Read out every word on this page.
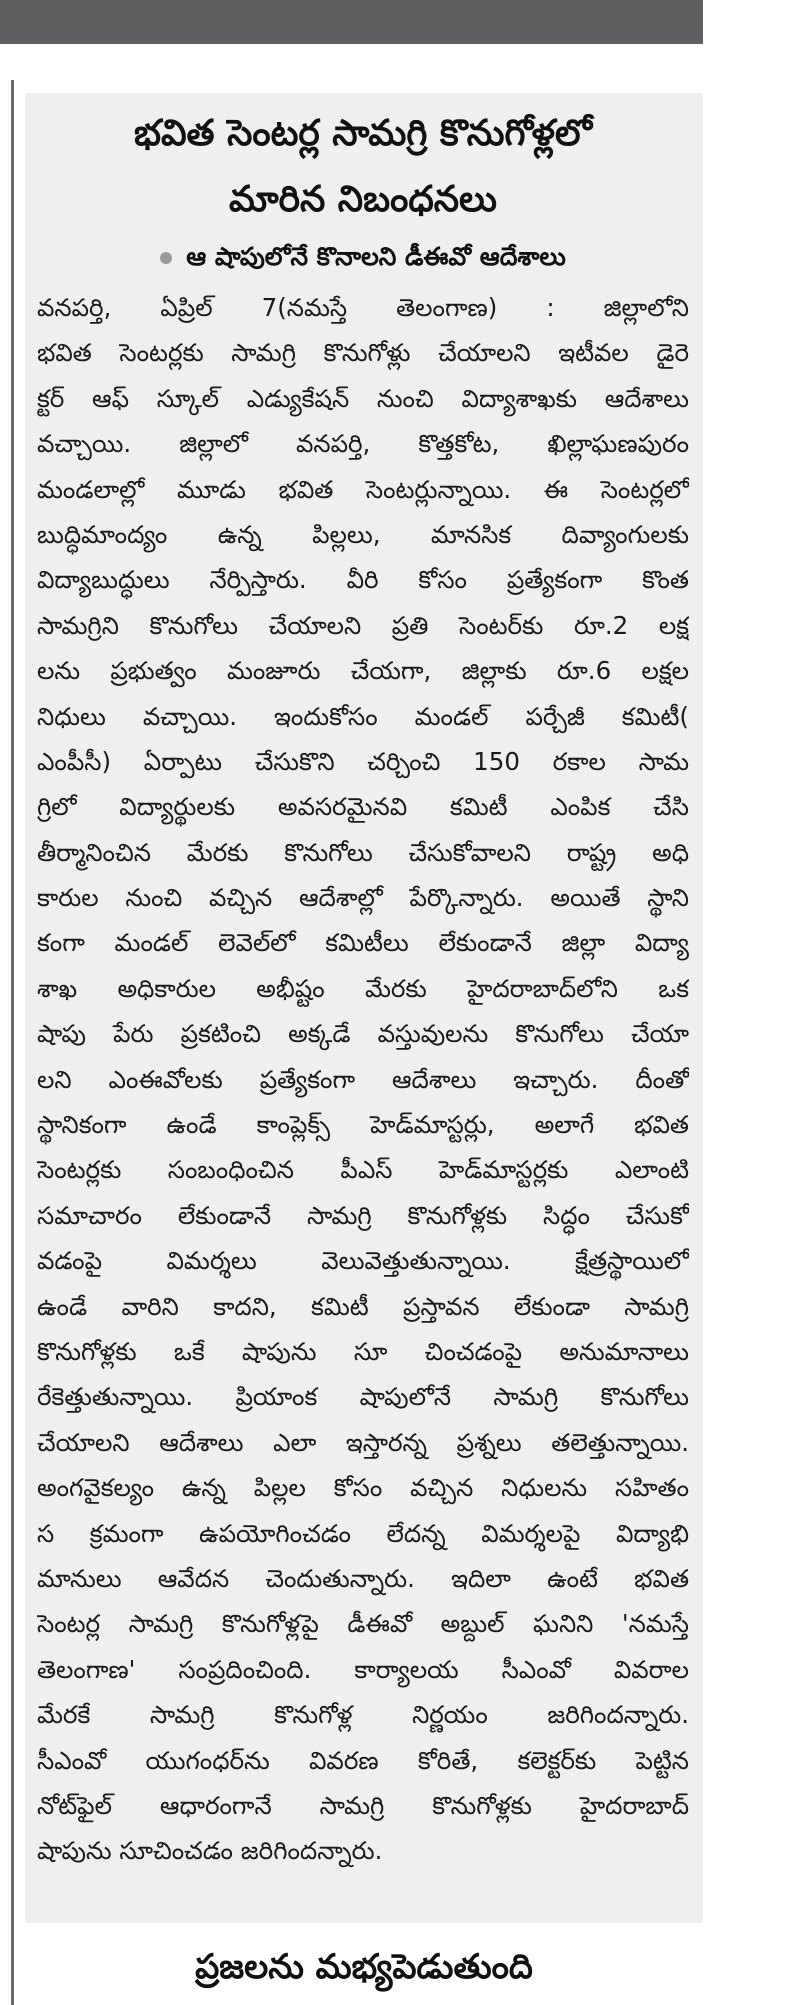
భవిత సెంటర్ల సామగ్రి కొనుగోళ్లలో
మారిన నిబంధనలు
ఆ షాపులోనే కొనాలని డీఈవో ఆదేశాలు
వనపర్తి, ఏప్రిల్ 7(నమస్తే తెలంగాణ) : జిల్లాలోని
భవిత సెంటర్లకు సామగ్రి కొనుగోళ్లు చేయాలని ఇటీవల డైరె
క్టర్ ఆఫ్ స్కూల్ ఎడ్యుకేషన్ నుంచి విద్యాశాఖకు ఆదేశాలు
వచ్చాయి. జిల్లాలో వనపర్తి, కొత్తకోట, ఖిల్లాఘణపురం
మండలాల్లో మూడు భవిత సెంటర్లున్నాయి. ఈ సెంటర్లలో
బుద్ధిమాంద్యం ఉన్న పిల్లలు, మానసిక దివ్యాంగులకు
విద్యాబుద్ధులు నేర్పిస్తారు. వీరి కోసం ప్రత్యేకంగా కొంత
సామగ్రిని కొనుగోలు చేయాలని ప్రతి సెంటర్‌కు రూ.2 లక్ష
లను ప్రభుత్వం మంజూరు చేయగా, జిల్లాకు రూ.6 లక్షల
నిధులు వచ్చాయి. ఇందుకోసం మండల్ పర్చేజీ కమిటీ(
ఎంపీసీ) ఏర్పాటు చేసుకొని చర్చించి 150 రకాల సామ
గ్రిలో విద్యార్థులకు అవసరమైనవి కమిటీ ఎంపిక చేసి
తీర్మానించిన మేరకు కొనుగోలు చేసుకోవాలని రాష్ట్ర అధి
కారుల నుంచి వచ్చిన ఆదేశాల్లో పేర్కొన్నారు. అయితే స్థాని
కంగా మండల్ లెవెల్‌లో కమిటీలు లేకుండానే జిల్లా విద్యా
శాఖ అధికారుల అభీష్టం మేరకు హైదరాబాద్‌లోని ఒక
షాపు పేరు ప్రకటించి అక్కడే వస్తువులను కొనుగోలు చేయా
లని ఎంఈవోలకు ప్రత్యేకంగా ఆదేశాలు ఇచ్చారు. దీంతో
స్థానికంగా ఉండే కాంప్లెక్స్ హెడ్‌మాస్టర్లు, అలాగే భవిత
సెంటర్లకు సంబంధించిన పీఎస్ హెడ్‌మాస్టర్లకు ఎలాంటి
సమాచారం లేకుండానే సామగ్రి కొనుగోళ్లకు సిద్ధం చేసుకో
వడంపై విమర్శలు వెలువెత్తుతున్నాయి. క్షేత్రస్థాయిలో
ఉండే వారిని కాదని, కమిటీ ప్రస్తావన లేకుండా సామగ్రి
కొనుగోళ్లకు ఒకే షాపును సూ చించడంపై అనుమానాలు
రేకెత్తుతున్నాయి. ప్రియాంక షాపులోనే సామగ్రి కొనుగోలు
చేయాలని ఆదేశాలు ఎలా ఇస్తారన్న ప్రశ్నలు తలెత్తున్నాయి.
అంగవైకల్యం ఉన్న పిల్లల కోసం వచ్చిన నిధులను సహితం
స క్రమంగా ఉపయోగించడం లేదన్న విమర్శలపై విద్యాభి
మానులు ఆవేదన చెందుతున్నారు. ఇదిలా ఉంటే భవిత
సెంటర్ల సామగ్రి కొనుగోళ్లపై డీఈవో అబ్దుల్ ఘనిని 'నమస్తే
తెలంగాణ' సంప్రదించింది. కార్యాలయ సీఎంవో వివరాల
మేరకే సామగ్రి కొనుగోళ్ల నిర్ణయం జరిగిందన్నారు.
సీఎంవో యుగంధర్‌ను వివరణ కోరితే, కలెక్టర్‌కు పెట్టిన
నోట్‌ఫైల్ ఆధారంగానే సామగ్రి కొనుగోళ్లకు హైదరాబాద్
షాపును సూచించడం జరిగిందన్నారు.
ప్రజలను మభ్యపెడుతుంది
